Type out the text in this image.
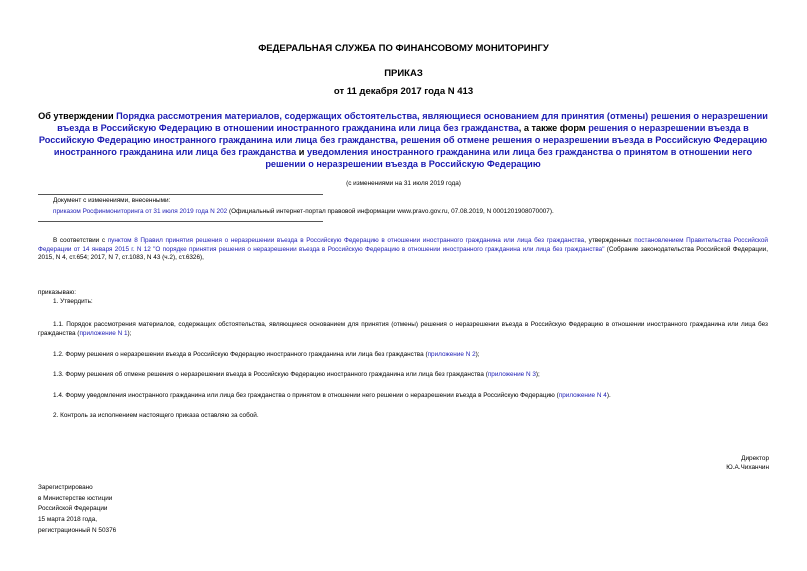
ФЕДЕРАЛЬНАЯ СЛУЖБА ПО ФИНАНСОВОМУ МОНИТОРИНГУ
ПРИКАЗ
от 11 декабря 2017 года N 413
Об утверждении Порядка рассмотрения материалов, содержащих обстоятельства, являющиеся основанием для принятия (отмены) решения о неразрешении въезда в Российскую Федерацию в отношении иностранного гражданина или лица без гражданства, а также форм решения о неразрешении въезда в Российскую Федерацию иностранного гражданина или лица без гражданства, решения об отмене решения о неразрешении въезда в Российскую Федерацию иностранного гражданина или лица без гражданства и уведомления иностранного гражданина или лица без гражданства о принятом в отношении него решении о неразрешении въезда в Российскую Федерацию
(с изменениями на 31 июля 2019 года)
Документ с изменениями, внесенными:
приказом Росфинмониторинга от 31 июля 2019 года N 202 (Официальный интернет-портал правовой информации www.pravo.gov.ru, 07.08.2019, N 0001201908070007).
В соответствии с пунктом 8 Правил принятия решения о неразрешении въезда в Российскую Федерацию в отношении иностранного гражданина или лица без гражданства, утвержденных постановлением Правительства Российской Федерации от 14 января 2015 г. N 12 "О порядке принятия решения о неразрешении въезда в Российскую Федерацию в отношении иностранного гражданина или лица без гражданства" (Собрание законодательства Российской Федерации, 2015, N 4, ст.654; 2017, N 7, ст.1083, N 43 (ч.2), ст.6326),
приказываю:
1. Утвердить:
1.1. Порядок рассмотрения материалов, содержащих обстоятельства, являющиеся основанием для принятия (отмены) решения о неразрешении въезда в Российскую Федерацию в отношении иностранного гражданина или лица без гражданства (приложение N 1);
1.2. Форму решения о неразрешении въезда в Российскую Федерацию иностранного гражданина или лица без гражданства (приложение N 2);
1.3. Форму решения об отмене решения о неразрешении въезда в Российскую Федерацию иностранного гражданина или лица без гражданства (приложение N 3);
1.4. Форму уведомления иностранного гражданина или лица без гражданства о принятом в отношении него решении о неразрешении въезда в Российскую Федерацию (приложение N 4).
2. Контроль за исполнением настоящего приказа оставляю за собой.
Директор
Ю.А.Чиханчин
Зарегистрировано
в Министерстве юстиции
Российской Федерации
15 марта 2018 года,
регистрационный N 50376
